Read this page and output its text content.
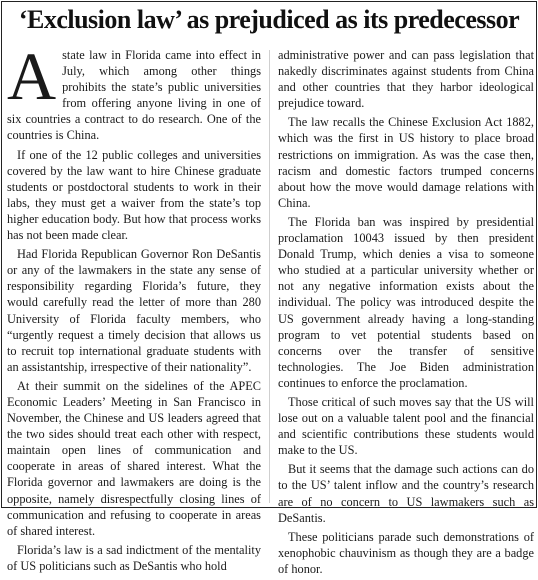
‘Exclusion law’ as prejudiced as its predecessor

Astate law in Florida came into effect in July, which among other things prohibits the state’s public universities from offering anyone living in one of six countries a contract to do research. One of the countries is China.

If one of the 12 public colleges and universities covered by the law want to hire Chinese graduate students or postdoctoral students to work in their labs, they must get a waiver from the state’s top higher education body. But how that process works has not been made clear.

Had Florida Republican Governor Ron DeSantis or any of the lawmakers in the state any sense of responsibility regarding Florida’s future, they would carefully read the letter of more than 280 University of Florida faculty members, who “urgently request a timely decision that allows us to recruit top international graduate students with an assistantship, irrespective of their nationality”.

At their summit on the sidelines of the APEC Economic Leaders’ Meeting in San Francisco in November, the Chinese and US leaders agreed that the two sides should treat each other with respect, maintain open lines of communication and cooperate in areas of shared interest. What the Florida governor and lawmakers are doing is the opposite, namely disrespectfully closing lines of communication and refusing to cooperate in areas of shared interest.

Florida’s law is a sad indictment of the mentality of US politicians such as DeSantis who hold

administrative power and can pass legislation that nakedly discriminates against students from China and other countries that they harbor ideological prejudice toward.

The law recalls the Chinese Exclusion Act 1882, which was the first in US history to place broad restrictions on immigration. As was the case then, racism and domestic factors trumped concerns about how the move would damage relations with China.

The Florida ban was inspired by presidential proclamation 10043 issued by then president Donald Trump, which denies a visa to someone who studied at a particular university whether or not any negative information exists about the individual. The policy was introduced despite the US government already having a long-standing program to vet potential students based on concerns over the transfer of sensitive technologies. The Joe Biden administration continues to enforce the proclamation.

Those critical of such moves say that the US will lose out on a valuable talent pool and the financial and scientific contributions these students would make to the US.

But it seems that the damage such actions can do to the US’ talent inflow and the country’s research are of no concern to US lawmakers such as DeSantis.

These politicians parade such demonstrations of xenophobic chauvinism as though they are a badge of honor.
